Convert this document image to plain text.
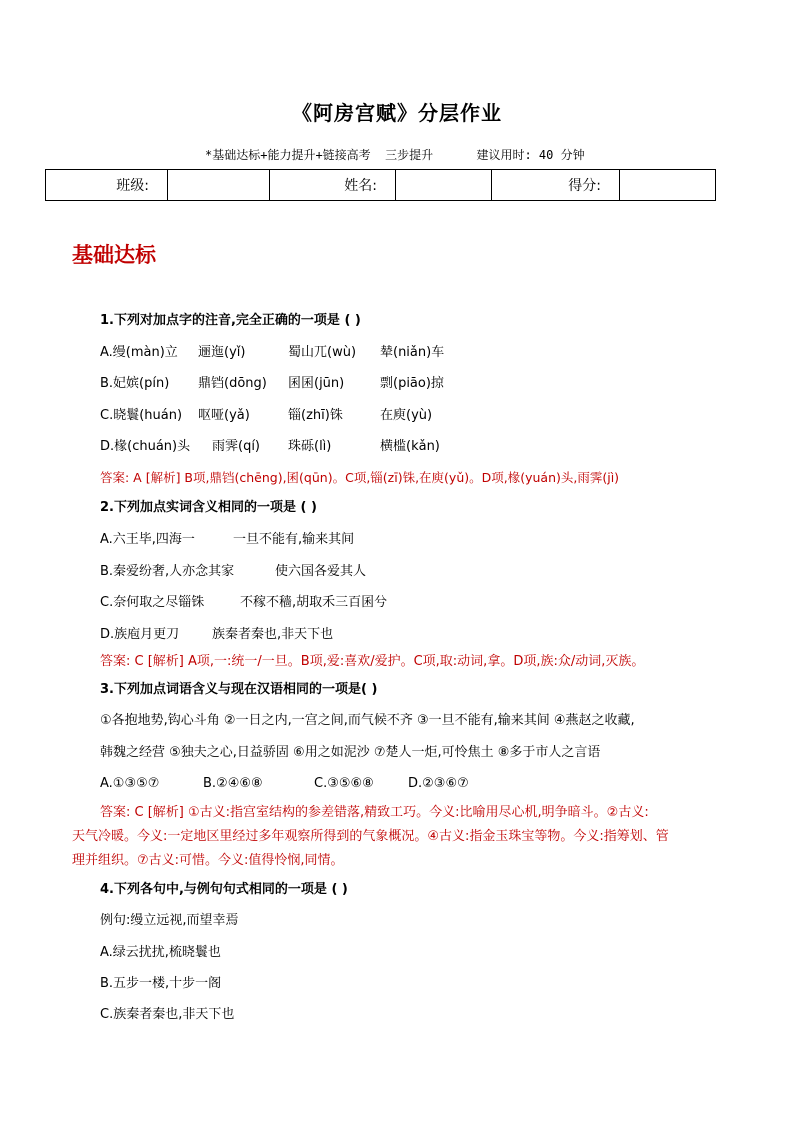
《阿房宫赋》分层作业
*基础达标+能力提升+链接高考  三步提升      建议用时: 40 分钟
班级:		姓名:		得分:	
基础达标
1.下列对加点字的注音,完全正确的一项是 ( )
A.缦(màn)立 逦迤(yǐ)	蜀山兀(wù) 辇(niǎn)车
B.妃嫔(pín) 鼎铛(dōng) 囷囷(jūn)	剽(piāo)掠
C.晓鬟(huán) 呕哑(yǎ)	锱(zhī)铢	在庾(yù)
D.椽(chuán)头 雨霁(qí) 珠砾(lì)	横槛(kǎn)
答案: A [解析] B项,鼎铛(chēng),囷(qūn)。C项,锱(zī)铢,在庾(yǔ)。D项,椽(yuán)头,雨霁(jì)
2.下列加点实词含义相同的一项是 ( )
A.六王毕,四海一	一旦不能有,输来其间
B.秦爱纷奢,人亦念其家	使六国各爱其人
C.奈何取之尽锱铢	不稼不穑,胡取禾三百囷兮
D.族庖月更刀	族秦者秦也,非天下也
答案: C [解析] A项,一:统一/一旦。B项,爱:喜欢/爱护。C项,取:动词,拿。D项,族:众/动词,灭族。
3.下列加点词语含义与现在汉语相同的一项是( )
①各抱地势,钩心斗角 ②一日之内,一宫之间,而气候不齐 ③一旦不能有,输来其间 ④燕赵之收藏,
韩魏之经营 ⑤独夫之心,日益骄固 ⑥用之如泥沙 ⑦楚人一炬,可怜焦土 ⑧多于市人之言语
A.①③⑤⑦	B.②④⑥⑧	C.③⑤⑥⑧	D.②③⑥⑦
答案: C [解析] ①古义:指宫室结构的参差错落,精致工巧。今义:比喻用尽心机,明争暗斗。②古义:
天气冷暖。今义:一定地区里经过多年观察所得到的气象概况。④古义:指金玉珠宝等物。今义:指筹划、管
理并组织。⑦古义:可惜。今义:值得怜悯,同情。
4.下列各句中,与例句句式相同的一项是 ( )
例句:缦立远视,而望幸焉
A.绿云扰扰,梳晓鬟也
B.五步一楼,十步一阁
C.族秦者秦也,非天下也
